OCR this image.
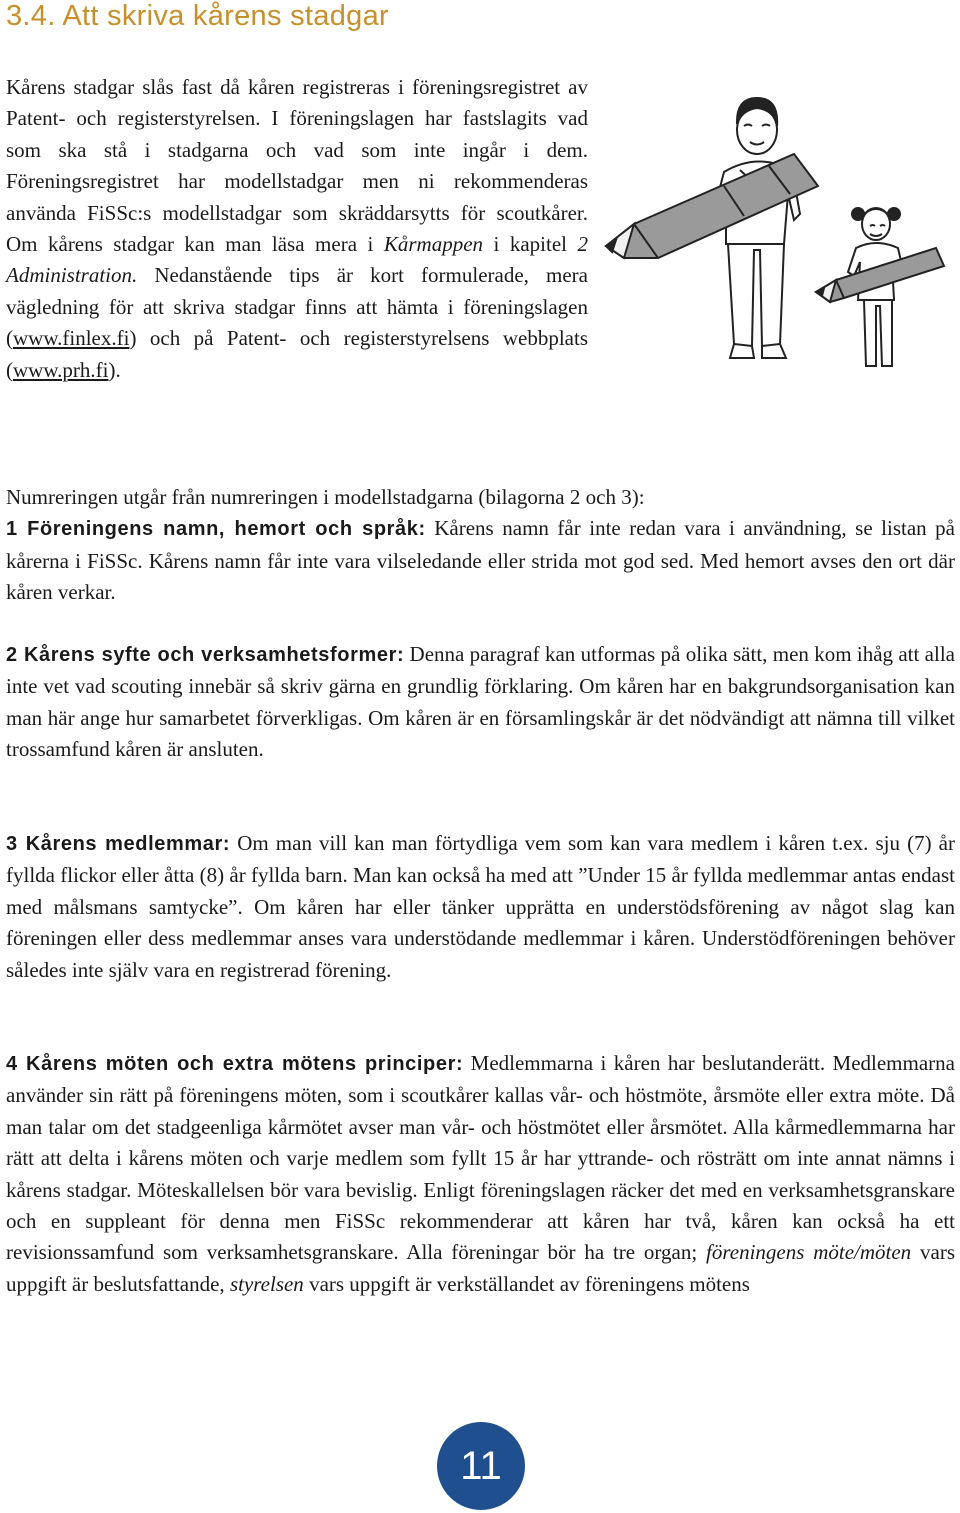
3.4. Att skriva kårens stadgar

Kårens stadgar slås fast då kåren registreras i föreningsregistret av Patent- och registerstyrelsen. I föreningslagen har fastslagits vad som ska stå i stadgarna och vad som inte ingår i dem. Föreningsregistret har modellstadgar men ni rekommenderas använda FiSSc:s modellstadgar som skräddarsytts för scoutkårer. Om kårens stadgar kan man läsa mera i Kårmappen i kapitel 2 Administration. Nedanstående tips är kort formulerade, mera vägledning för att skriva stadgar finns att hämta i föreningslagen (www.finlex.fi) och på Patent- och registerstyrelsens webbplats (www.prh.fi).

Numreringen utgår från numreringen i modellstadgarna (bilagorna 2 och 3):
1 Föreningens namn, hemort och språk: Kårens namn får inte redan vara i användning, se listan på kårerna i FiSSc. Kårens namn får inte vara vilseledande eller strida mot god sed. Med hemort avses den ort där kåren verkar.

2 Kårens syfte och verksamhetsformer: Denna paragraf kan utformas på olika sätt, men kom ihåg att alla inte vet vad scouting innebär så skriv gärna en grundlig förklaring. Om kåren har en bakgrundsorganisation kan man här ange hur samarbetet förverkligas. Om kåren är en församlingskår är det nödvändigt att nämna till vilket trossamfund kåren är ansluten.

3 Kårens medlemmar: Om man vill kan man förtydliga vem som kan vara medlem i kåren t.ex. sju (7) år fyllda flickor eller åtta (8) år fyllda barn. Man kan också ha med att ”Under 15 år fyllda medlemmar antas endast med målsmans samtycke”. Om kåren har eller tänker upprätta en understödsförening av något slag kan föreningen eller dess medlemmar anses vara understödande medlemmar i kåren. Understödföreningen behöver således inte själv vara en registrerad förening.

4 Kårens möten och extra mötens principer: Medlemmarna i kåren har beslutanderätt. Medlemmarna använder sin rätt på föreningens möten, som i scoutkårer kallas vår- och höstmöte, årsmöte eller extra möte. Då man talar om det stadgeenliga kårmötet avser man vår- och höstmötet eller årsmötet. Alla kårmedlemmarna har rätt att delta i kårens möten och varje medlem som fyllt 15 år har yttrande- och rösträtt om inte annat nämns i kårens stadgar. Möteskallelsen bör vara bevislig. Enligt föreningslagen räcker det med en verksamhetsgranskare och en suppleant för denna men FiSSc rekommenderar att kåren har två, kåren kan också ha ett revisionssamfund som verksamhetsgranskare. Alla föreningar bör ha tre organ; föreningens möte/möten vars uppgift är beslutsfattande, styrelsen vars uppgift är verkställandet av föreningens mötens

11
